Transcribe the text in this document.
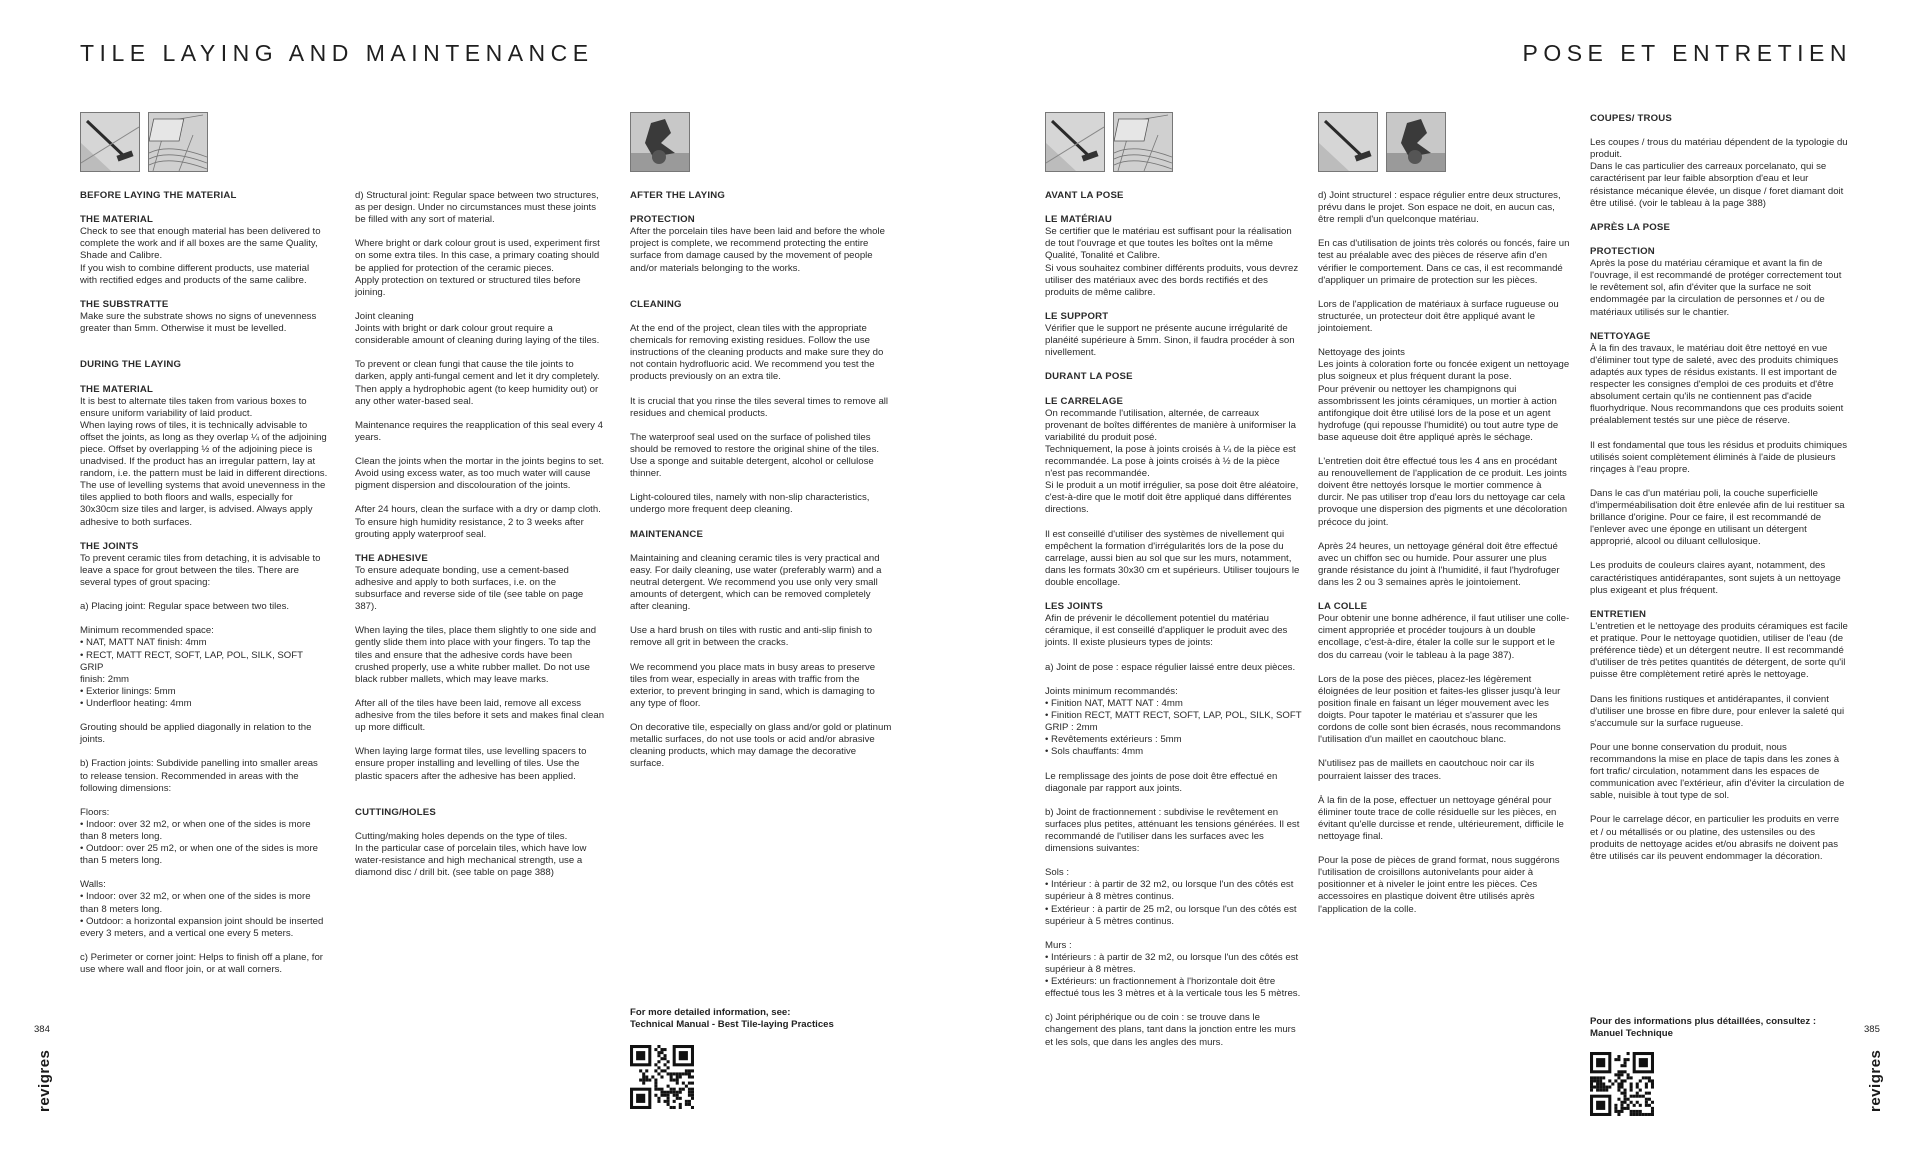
TILE LAYING AND MAINTENANCE
BEFORE LAYING THE MATERIAL
THE MATERIAL

Check to see that enough material has been delivered to complete the work and if all boxes are the same Quality, Shade and Calibre.
If you wish to combine different products, use material with rectified edges and products of the same calibre.

THE SUBSTRATTE

Make sure the substrate shows no signs of unevenness greater than 5mm. Otherwise it must be levelled.

DURING THE LAYING
THE MATERIAL

It is best to alternate tiles taken from various boxes to ensure uniform variability of laid product.
When laying rows of tiles, it is technically advisable to offset the joints, as long as they overlap ¼ of the adjoining piece. Offset by overlapping ½ of the adjoining piece is unadvised. If the product has an irregular pattern, lay at random, i.e. the pattern must be laid in different directions.
The use of levelling systems that avoid unevenness in the tiles applied to both floors and walls, especially for 30x30cm size tiles and larger, is advised. Always apply adhesive to both surfaces.

THE JOINTS

To prevent ceramic tiles from detaching, it is advisable to leave a space for grout between the tiles. There are several types of grout spacing:

a) Placing joint: Regular space between two tiles.

Minimum recommended space:
• NAT, MATT NAT finish: 4mm
• RECT, MATT RECT, SOFT, LAP, POL, SILK, SOFT GRIP
finish: 2mm
• Exterior linings: 5mm
• Underfloor heating: 4mm

Grouting should be applied diagonally in relation to the joints.

b) Fraction joints: Subdivide panelling into smaller areas to release tension. Recommended in areas with the following dimensions:

Floors:
• Indoor: over 32 m2, or when one of the sides is more than 8 meters long.
• Outdoor: over 25 m2, or when one of the sides is more than 5 meters long.

Walls:
• Indoor: over 32 m2, or when one of the sides is more than 8 meters long.
• Outdoor: a horizontal expansion joint should be inserted every 3 meters, and a vertical one every 5 meters.

c) Perimeter or corner joint: Helps to finish off a plane, for use where wall and floor join, or at wall corners.

d) Structural joint: Regular space between two structures, as per design. Under no circumstances must these joints be filled with any sort of material.

Where bright or dark colour grout is used, experiment first on some extra tiles. In this case, a primary coating should be applied for protection of the ceramic pieces.
Apply protection on textured or structured tiles before joining.

Joint cleaning
Joints with bright or dark colour grout require a considerable amount of cleaning during laying of the tiles.

To prevent or clean fungi that cause the tile joints to darken, apply anti-fungal cement and let it dry completely. Then apply a hydrophobic agent (to keep humidity out) or any other water-based seal.

Maintenance requires the reapplication of this seal every 4 years.

Clean the joints when the mortar in the joints begins to set. Avoid using excess water, as too much water will cause pigment dispersion and discolouration of the joints.

After 24 hours, clean the surface with a dry or damp cloth. To ensure high humidity resistance, 2 to 3 weeks after grouting apply waterproof seal.

THE ADHESIVE

To ensure adequate bonding, use a cement-based adhesive and apply to both surfaces, i.e. on the subsurface and reverse side of tile (see table on page 387).

When laying the tiles, place them slightly to one side and gently slide them into place with your fingers. To tap the tiles and ensure that the adhesive cords have been crushed properly, use a white rubber mallet. Do not use black rubber mallets, which may leave marks.

After all of the tiles have been laid, remove all excess adhesive from the tiles before it sets and makes final clean up more difficult.

When laying large format tiles, use levelling spacers to ensure proper installing and levelling of tiles. Use the plastic spacers after the adhesive has been applied.

CUTTING/HOLES

Cutting/making holes depends on the type of tiles.
In the particular case of porcelain tiles, which have low water-resistance and high mechanical strength, use a diamond disc / drill bit. (see table on page 388)

AFTER THE LAYING
PROTECTION

After the porcelain tiles have been laid and before the whole project is complete, we recommend protecting the entire surface from damage caused by the movement of people and/or materials belonging to the works.

CLEANING

At the end of the project, clean tiles with the appropriate chemicals for removing existing residues. Follow the use instructions of the cleaning products and make sure they do not contain hydrofluoric acid. We recommend you test the products previously on an extra tile.

It is crucial that you rinse the tiles several times to remove all residues and chemical products.

The waterproof seal used on the surface of polished tiles should be removed to restore the original shine of the tiles. Use a sponge and suitable detergent, alcohol or cellulose thinner.

Light-coloured tiles, namely with non-slip characteristics, undergo more frequent deep cleaning.

MAINTENANCE

Maintaining and cleaning ceramic tiles is very practical and easy. For daily cleaning, use water (preferably warm) and a neutral detergent. We recommend you use only very small amounts of detergent, which can be removed completely after cleaning.

Use a hard brush on tiles with rustic and anti-slip finish to remove all grit in between the cracks.

We recommend you place mats in busy areas to preserve tiles from wear, especially in areas with traffic from the exterior, to prevent bringing in sand, which is damaging to any type of floor.

On decorative tile, especially on glass and/or gold or platinum metallic surfaces, do not use tools or acid and/or abrasive cleaning products, which may damage the decorative surface.

For more detailed information, see:
Technical Manual - Best Tile-laying Practices
384
revigres
POSE ET ENTRETIEN
AVANT LA POSE
LE MATÉRIAU

Se certifier que le matériau est suffisant pour la réalisation de tout l'ouvrage et que toutes les boîtes ont la même Qualité, Tonalité et Calibre.
Si vous souhaitez combiner différents produits, vous devrez utiliser des matériaux avec des bords rectifiés et des produits de même calibre.

LE SUPPORT

Vérifier que le support ne présente aucune irrégularité de planéité supérieure à 5mm. Sinon, il faudra procéder à son nivellement.

DURANT LA POSE
LE CARRELAGE

On recommande l'utilisation, alternée, de carreaux provenant de boîtes différentes de manière à uniformiser la variabilité du produit posé.
Techniquement, la pose à joints croisés à ¼ de la pièce est recommandée. La pose à joints croisés à ½ de la pièce n'est pas recommandée.
Si le produit a un motif irrégulier, sa pose doit être aléatoire, c'est-à-dire que le motif doit être appliqué dans différentes directions.

Il est conseillé d'utiliser des systèmes de nivellement qui empêchent la formation d'irrégularités lors de la pose du carrelage, aussi bien au sol que sur les murs, notamment, dans les formats 30x30 cm et supérieurs. Utiliser toujours le double encollage.

LES JOINTS

Afin de prévenir le décollement potentiel du matériau céramique, il est conseillé d'appliquer le produit avec des joints. Il existe plusieurs types de joints:

a) Joint de pose : espace régulier laissé entre deux pièces.

Joints minimum recommandés:
• Finition NAT, MATT NAT : 4mm
• Finition RECT, MATT RECT, SOFT, LAP, POL, SILK, SOFT GRIP : 2mm
• Revêtements extérieurs : 5mm
• Sols chauffants: 4mm

Le remplissage des joints de pose doit être effectué en diagonale par rapport aux joints.

b) Joint de fractionnement : subdivise le revêtement en surfaces plus petites, atténuant les tensions générées. Il est recommandé de l'utiliser dans les surfaces avec les dimensions suivantes:

Sols :
• Intérieur : à partir de 32 m2, ou lorsque l'un des côtés est supérieur à 8 mètres continus.
• Extérieur : à partir de 25 m2, ou lorsque l'un des côtés est supérieur à 5 mètres continus.

Murs :
• Intérieurs : à partir de 32 m2, ou lorsque l'un des côtés est supérieur à 8 mètres.
• Extérieurs: un fractionnement à l'horizontale doit être effectué tous les 3 mètres et à la verticale tous les 5 mètres.

c) Joint périphérique ou de coin : se trouve dans le changement des plans, tant dans la jonction entre les murs et les sols, que dans les angles des murs.

d) Joint structurel : espace régulier entre deux structures, prévu dans le projet. Son espace ne doit, en aucun cas, être rempli d'un quelconque matériau.

En cas d'utilisation de joints très colorés ou foncés, faire un test au préalable avec des pièces de réserve afin d'en vérifier le comportement. Dans ce cas, il est recommandé d'appliquer un primaire de protection sur les pièces.

Lors de l'application de matériaux à surface rugueuse ou structurée, un protecteur doit être appliqué avant le jointoiement.

Nettoyage des joints
Les joints à coloration forte ou foncée exigent un nettoyage plus soigneux et plus fréquent durant la pose.
Pour prévenir ou nettoyer les champignons qui assombrissent les joints céramiques, un mortier à action antifongique doit être utilisé lors de la pose et un agent hydrofuge (qui repousse l'humidité) ou tout autre type de base aqueuse doit être appliqué après le séchage.

L'entretien doit être effectué tous les 4 ans en procédant au renouvellement de l'application de ce produit. Les joints doivent être nettoyés lorsque le mortier commence à durcir. Ne pas utiliser trop d'eau lors du nettoyage car cela provoque une dispersion des pigments et une décoloration précoce du joint.

Après 24 heures, un nettoyage général doit être effectué avec un chiffon sec ou humide. Pour assurer une plus grande résistance du joint à l'humidité, il faut l'hydrofuger dans les 2 ou 3 semaines après le jointoiement.

LA COLLE

Pour obtenir une bonne adhérence, il faut utiliser une colle-ciment appropriée et procéder toujours à un double encollage, c'est-à-dire, étaler la colle sur le support et le dos du carreau (voir le tableau à la page 387).

Lors de la pose des pièces, placez-les légèrement éloignées de leur position et faites-les glisser jusqu'à leur position finale en faisant un léger mouvement avec les doigts. Pour tapoter le matériau et s'assurer que les cordons de colle sont bien écrasés, nous recommandons l'utilisation d'un maillet en caoutchouc blanc.

N'utilisez pas de maillets en caoutchouc noir car ils pourraient laisser des traces.

À la fin de la pose, effectuer un nettoyage général pour éliminer toute trace de colle résiduelle sur les pièces, en évitant qu'elle durcisse et rende, ultérieurement, difficile le nettoyage final.

Pour la pose de pièces de grand format, nous suggérons l'utilisation de croisillons autonivelants pour aider à positionner et à niveler le joint entre les pièces. Ces accessoires en plastique doivent être utilisés après l'application de la colle.

COUPES/ TROUS

Les coupes / trous du matériau dépendent de la typologie du produit.
Dans le cas particulier des carreaux porcelanato, qui se caractérisent par leur faible absorption d'eau et leur résistance mécanique élevée, un disque / foret diamant doit être utilisé. (voir le tableau à la page 388)

APRÈS LA POSE
PROTECTION

Après la pose du matériau céramique et avant la fin de l'ouvrage, il est recommandé de protéger correctement tout le revêtement sol, afin d'éviter que la surface ne soit endommagée par la circulation de personnes et / ou de matériaux utilisés sur le chantier.

NETTOYAGE

À la fin des travaux, le matériau doit être nettoyé en vue d'éliminer tout type de saleté, avec des produits chimiques adaptés aux types de résidus existants. Il est important de respecter les consignes d'emploi de ces produits et d'être absolument certain qu'ils ne contiennent pas d'acide fluorhydrique. Nous recommandons que ces produits soient préalablement testés sur une pièce de réserve.

Il est fondamental que tous les résidus et produits chimiques utilisés soient complètement éliminés à l'aide de plusieurs rinçages à l'eau propre.

Dans le cas d'un matériau poli, la couche superficielle d'imperméabilisation doit être enlevée afin de lui restituer sa brillance d'origine. Pour ce faire, il est recommandé de l'enlever avec une éponge en utilisant un détergent approprié, alcool ou diluant cellulosique.

Les produits de couleurs claires ayant, notamment, des caractéristiques antidérapantes, sont sujets à un nettoyage plus exigeant et plus fréquent.

ENTRETIEN

L'entretien et le nettoyage des produits céramiques est facile et pratique. Pour le nettoyage quotidien, utiliser de l'eau (de préférence tiède) et un détergent neutre. Il est recommandé d'utiliser de très petites quantités de détergent, de sorte qu'il puisse être complètement retiré après le nettoyage.

Dans les finitions rustiques et antidérapantes, il convient d'utiliser une brosse en fibre dure, pour enlever la saleté qui s'accumule sur la surface rugueuse.

Pour une bonne conservation du produit, nous recommandons la mise en place de tapis dans les zones à fort trafic/ circulation, notamment dans les espaces de communication avec l'extérieur, afin d'éviter la circulation de sable, nuisible à tout type de sol.

Pour le carrelage décor, en particulier les produits en verre et / ou métallisés or ou platine, des ustensiles ou des produits de nettoyage acides et/ou abrasifs ne doivent pas être utilisés car ils peuvent endommager la décoration.

Pour des informations plus détaillées, consultez :
Manuel Technique	385
revigres
